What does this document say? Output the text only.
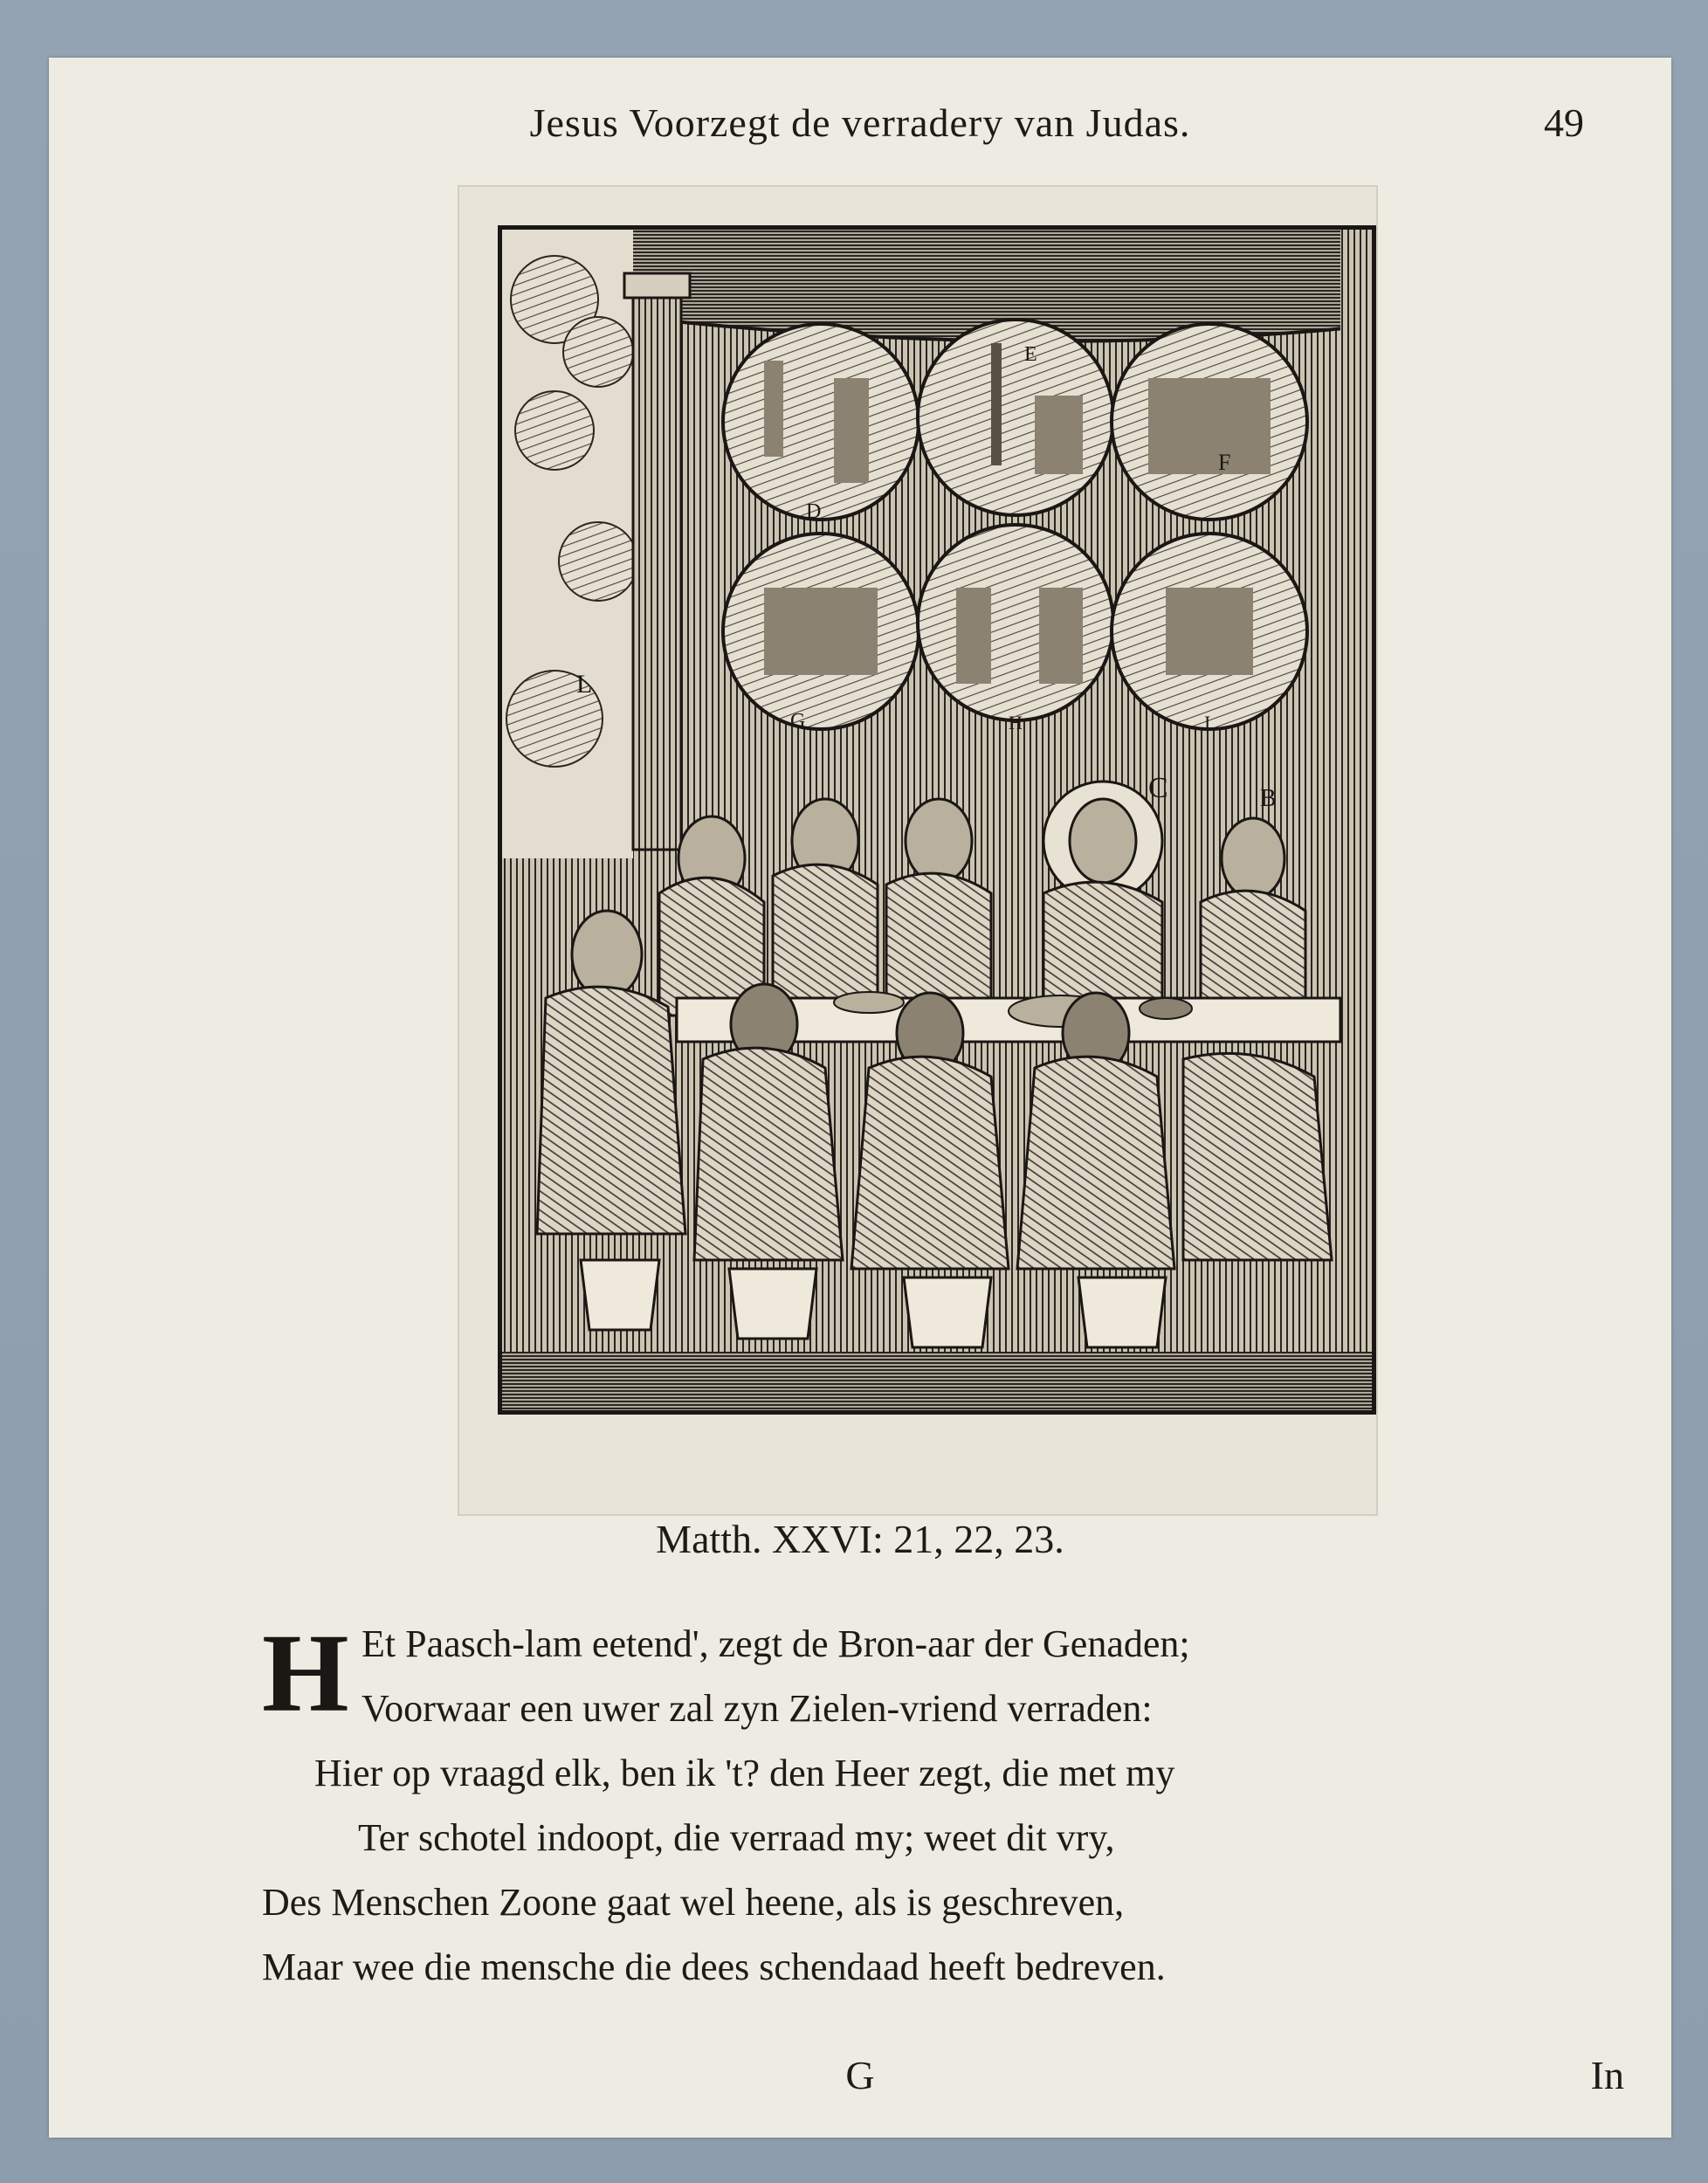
Jesus Voorzegt de verradery van Judas.	49
D
E
F
G	H	I
C	B
L
Matth. XXVI: 21, 22, 23.
H Et Paasch-lam eetend', zegt de Bron-aar der Genaden;
Voorwaar een uwer zal zyn Zielen-vriend verraden:
Hier op vraagd elk, ben ik 't? den Heer zegt, die met my
Ter schotel indoopt, die verraad my; weet dit vry,
Des Menschen Zoone gaat wel heene, als is geschreven,
Maar wee die mensche die dees schendaad heeft bedreven.
G	In
